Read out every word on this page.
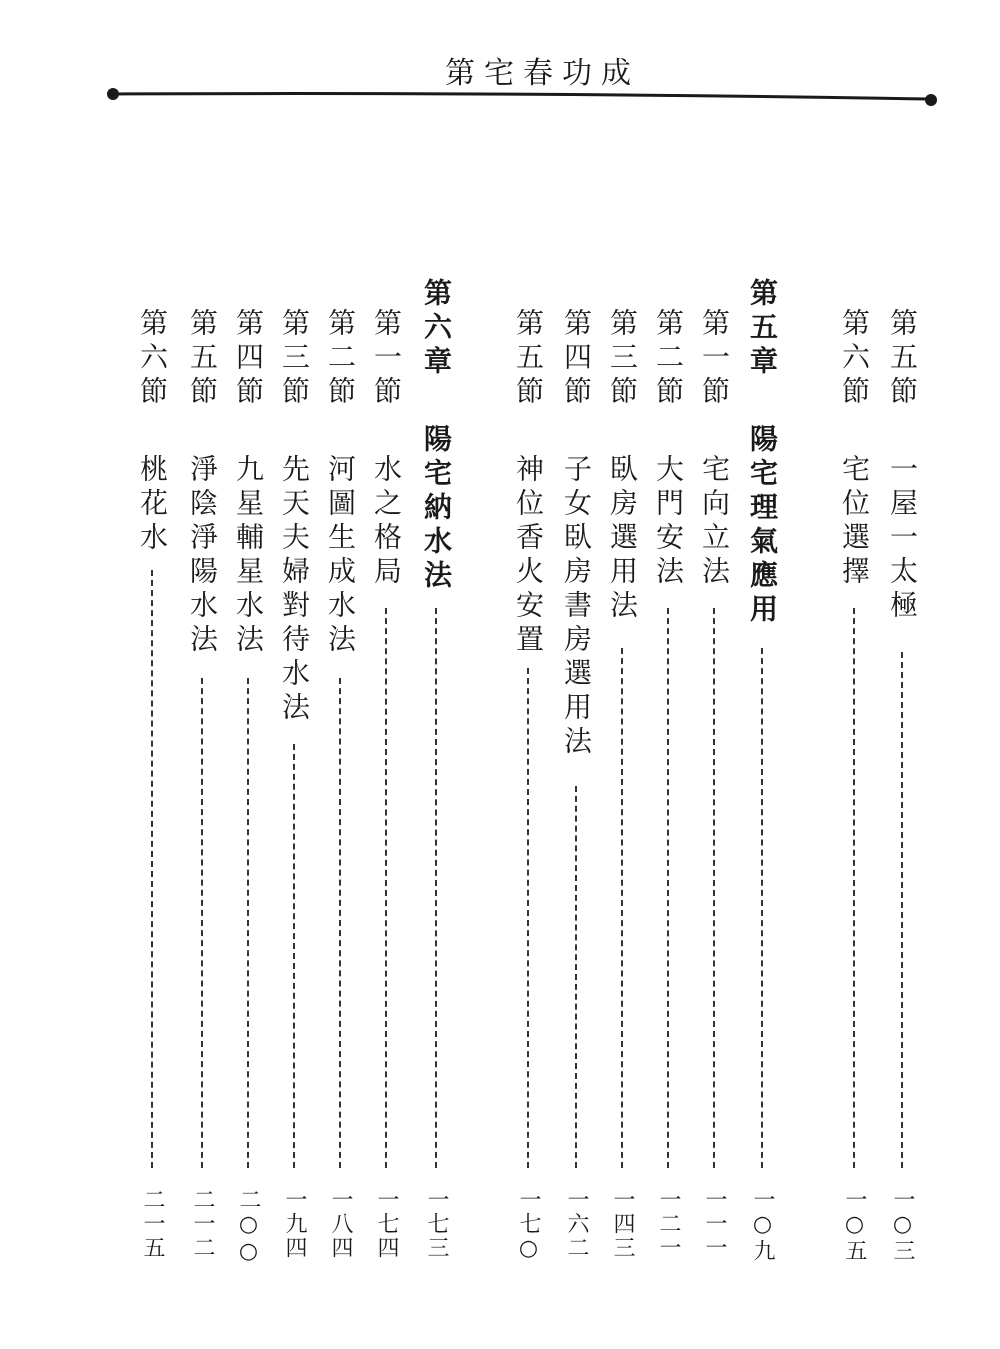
成功春宅第
第五節
一屋一太極
一○三
第六節
宅位選擇
一○五
第五章
陽宅理氣應用
一○九
第一節
宅向立法
一一一
第二節
大門安法
一二一
第三節
臥房選用法
一四三
第四節
子女臥房書房選用法
一六二
第五節
神位香火安置
一七○
第六章
陽宅納水法
一七三
第一節
水之格局
一七四
第二節
河圖生成水法
一八四
第三節
先天夫婦對待水法
一九四
第四節
九星輔星水法
二○○
第五節
淨陰淨陽水法
二一二
第六節
桃花水
二一五
